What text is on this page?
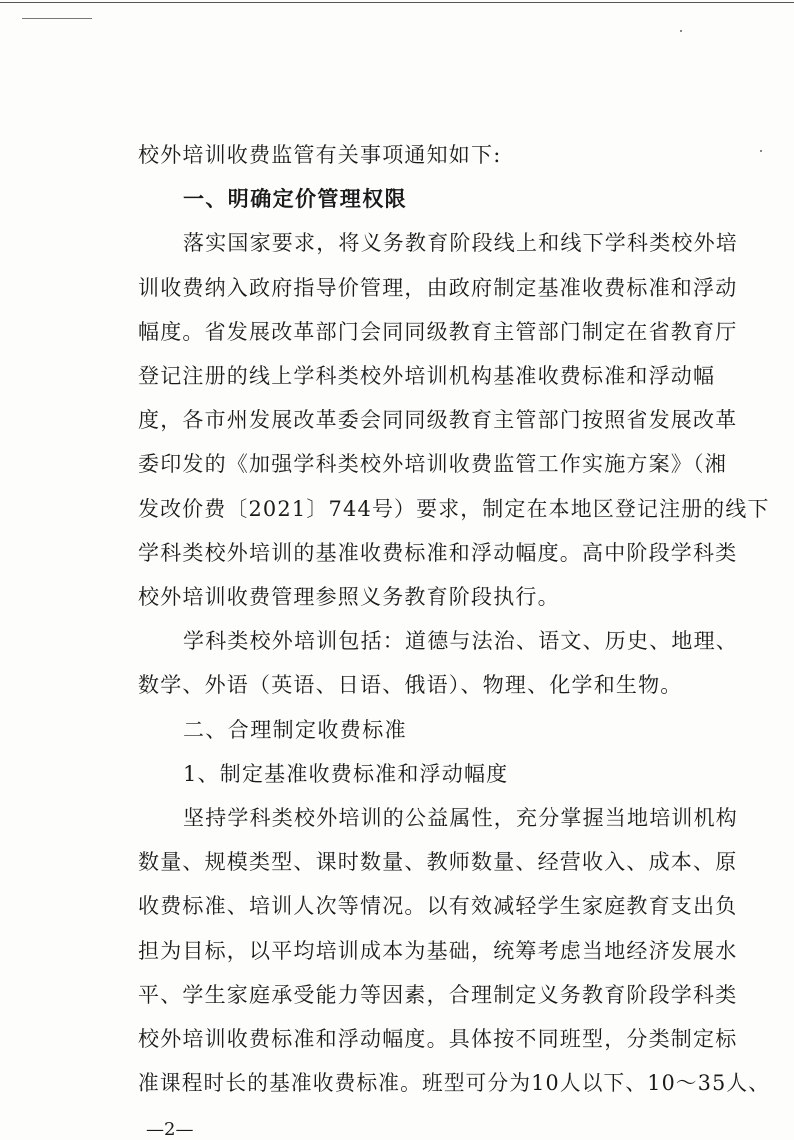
校外培训收费监管有关事项通知如下:
一、明确定价管理权限
落实国家要求，将义务教育阶段线上和线下学科类校外培
训收费纳入政府指导价管理，由政府制定基准收费标准和浮动
幅度。省发展改革部门会同同级教育主管部门制定在省教育厅
登记注册的线上学科类校外培训机构基准收费标准和浮动幅
度，各市州发展改革委会同同级教育主管部门按照省发展改革
委印发的《加强学科类校外培训收费监管工作实施方案》（湘
发改价费〔2021〕744号）要求，制定在本地区登记注册的线下
学科类校外培训的基准收费标准和浮动幅度。高中阶段学科类
校外培训收费管理参照义务教育阶段执行。
学科类校外培训包括：道德与法治、语文、历史、地理、
数学、外语（英语、日语、俄语）、物理、化学和生物。
二、合理制定收费标准
1、制定基准收费标准和浮动幅度
坚持学科类校外培训的公益属性，充分掌握当地培训机构
数量、规模类型、课时数量、教师数量、经营收入、成本、原
收费标准、培训人次等情况。以有效减轻学生家庭教育支出负
担为目标，以平均培训成本为基础，统筹考虑当地经济发展水
平、学生家庭承受能力等因素，合理制定义务教育阶段学科类
校外培训收费标准和浮动幅度。具体按不同班型，分类制定标
准课程时长的基准收费标准。班型可分为10人以下、10～35人、
—2—
